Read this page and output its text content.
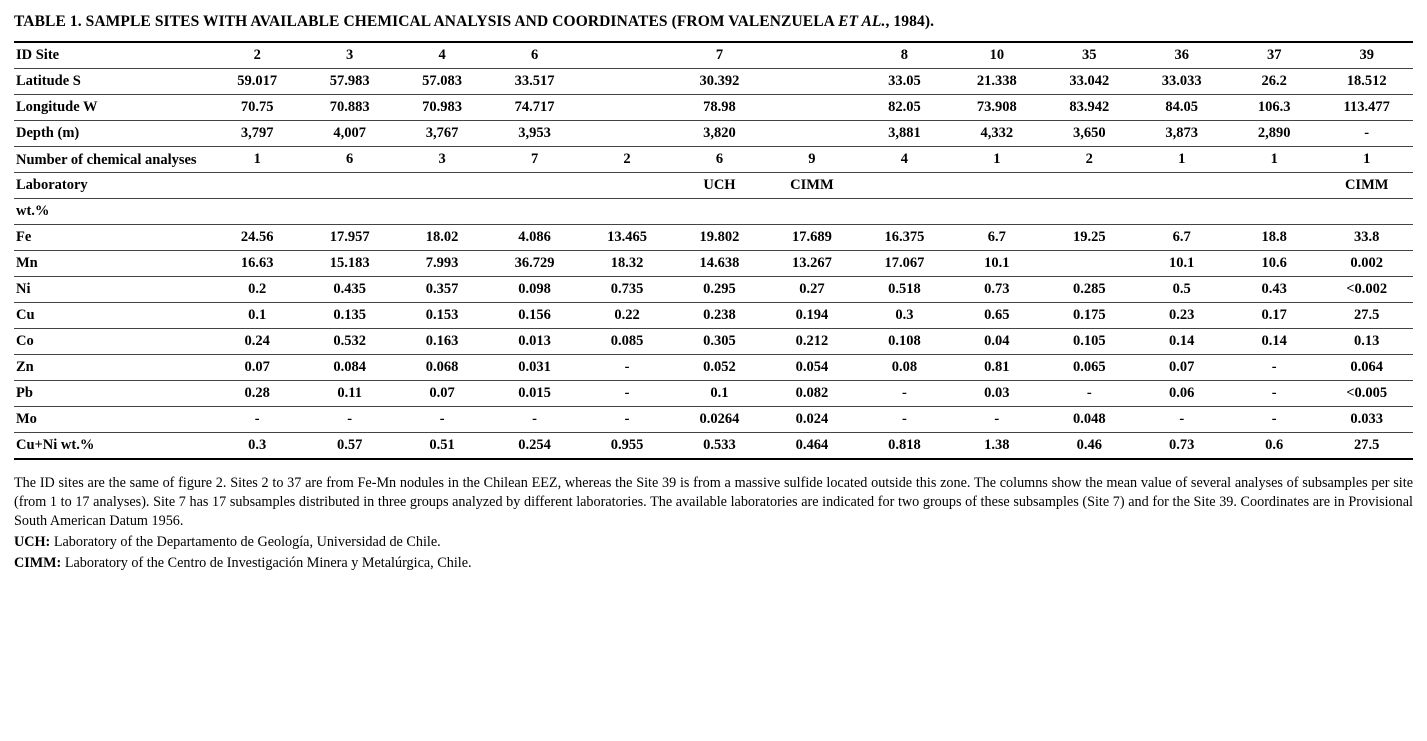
TABLE 1. SAMPLE SITES WITH AVAILABLE CHEMICAL ANALYSIS AND COORDINATES (FROM VALENZUELA ET AL., 1984).
ID Site	2	3	4	6		7		8	10	35	36	37	39
Latitude S	59.017	57.983	57.083	33.517		30.392		33.05	21.338	33.042	33.033	26.2	18.512
Longitude W	70.75	70.883	70.983	74.717		78.98		82.05	73.908	83.942	84.05	106.3	113.477
Depth (m)	3,797	4,007	3,767	3,953		3,820		3,881	4,332	3,650	3,873	2,890	-
Number of chemical analyses	1	6	3	7	2	6	9	4	1	2	1	1	1
Laboratory						UCH	CIMM						CIMM
wt.%													
Fe	24.56	17.957	18.02	4.086	13.465	19.802	17.689	16.375	6.7	19.25	6.7	18.8	33.8
Mn	16.63	15.183	7.993	36.729	18.32	14.638	13.267	17.067	10.1		10.1	10.6	0.002
Ni	0.2	0.435	0.357	0.098	0.735	0.295	0.27	0.518	0.73	0.285	0.5	0.43	<0.002
Cu	0.1	0.135	0.153	0.156	0.22	0.238	0.194	0.3	0.65	0.175	0.23	0.17	27.5
Co	0.24	0.532	0.163	0.013	0.085	0.305	0.212	0.108	0.04	0.105	0.14	0.14	0.13
Zn	0.07	0.084	0.068	0.031	-	0.052	0.054	0.08	0.81	0.065	0.07	-	0.064
Pb	0.28	0.11	0.07	0.015	-	0.1	0.082	-	0.03	-	0.06	-	<0.005
Mo	-	-	-	-	-	0.0264	0.024	-	-	0.048	-	-	0.033
Cu+Ni wt.%	0.3	0.57	0.51	0.254	0.955	0.533	0.464	0.818	1.38	0.46	0.73	0.6	27.5

The ID sites are the same of figure 2. Sites 2 to 37 are from Fe-Mn nodules in the Chilean EEZ, whereas the Site 39 is from a massive sulfide located outside this zone. The columns show the mean value of several analyses of subsamples per site (from 1 to 17 analyses). Site 7 has 17 subsamples distributed in three groups analyzed by different laboratories. The available laboratories are indicated for two groups of these subsamples (Site 7) and for the Site 39. Coordinates are in Provisional South American Datum 1956.

UCH: Laboratory of the Departamento de Geología, Universidad de Chile.

CIMM: Laboratory of the Centro de Investigación Minera y Metalúrgica, Chile.
